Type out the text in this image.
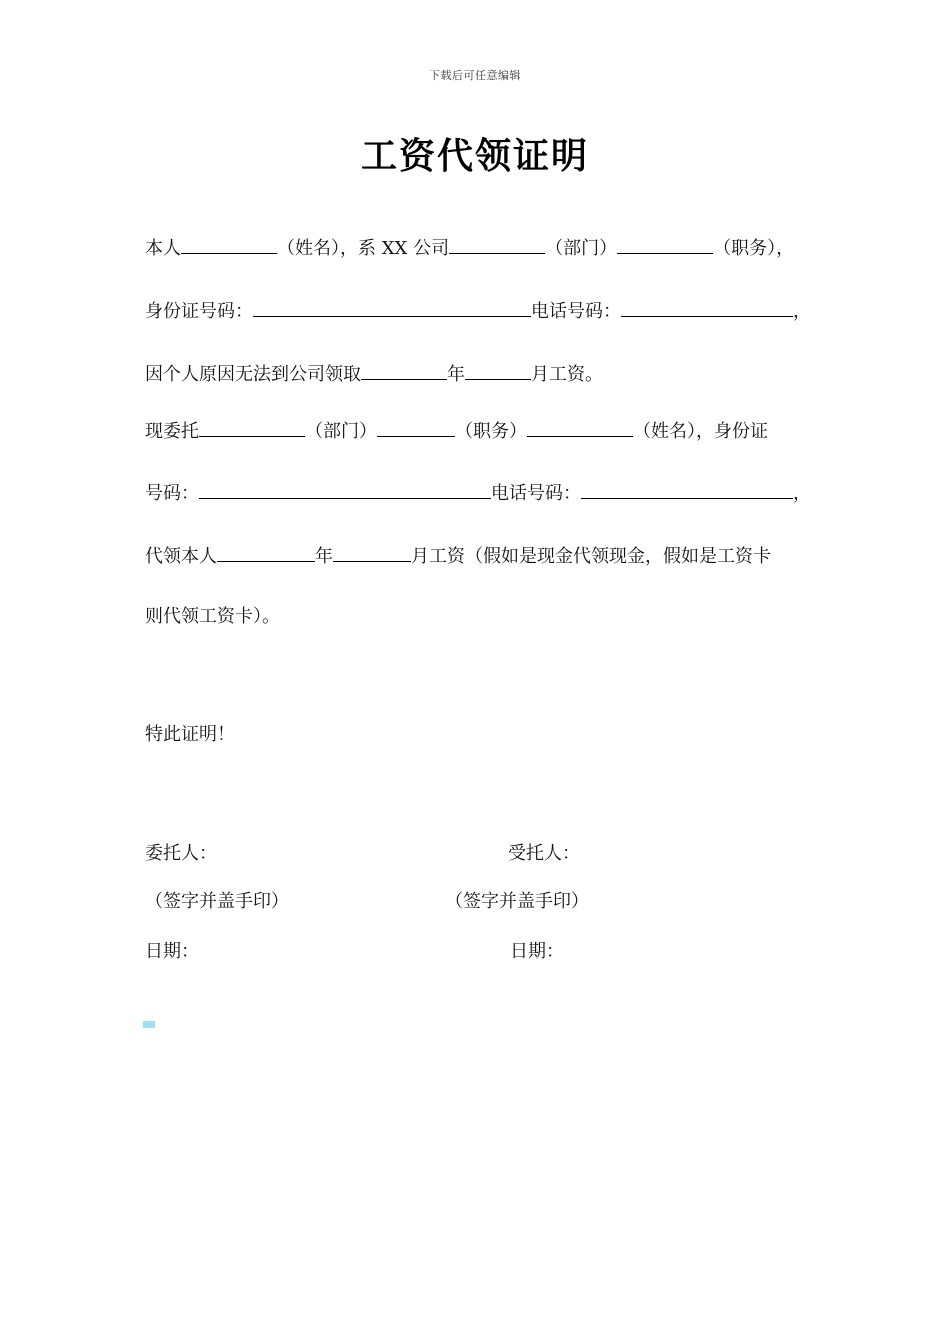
下载后可任意编辑
工资代领证明
本人	（姓名），系 XX 公司	（部门）	（职务），
身份证号码：	电话号码：	，
因个人原因无法到公司领取	年	月工资。
现委托	（部门）	（职务）	（姓名），身份证
号码：	电话号码：	，
代领本人	年	月工资（假如是现金代领现金，假如是工资卡
则代领工资卡）。
特此证明！
委托人：	受托人：
（签字并盖手印）	（签字并盖手印）
日期：	日期：
